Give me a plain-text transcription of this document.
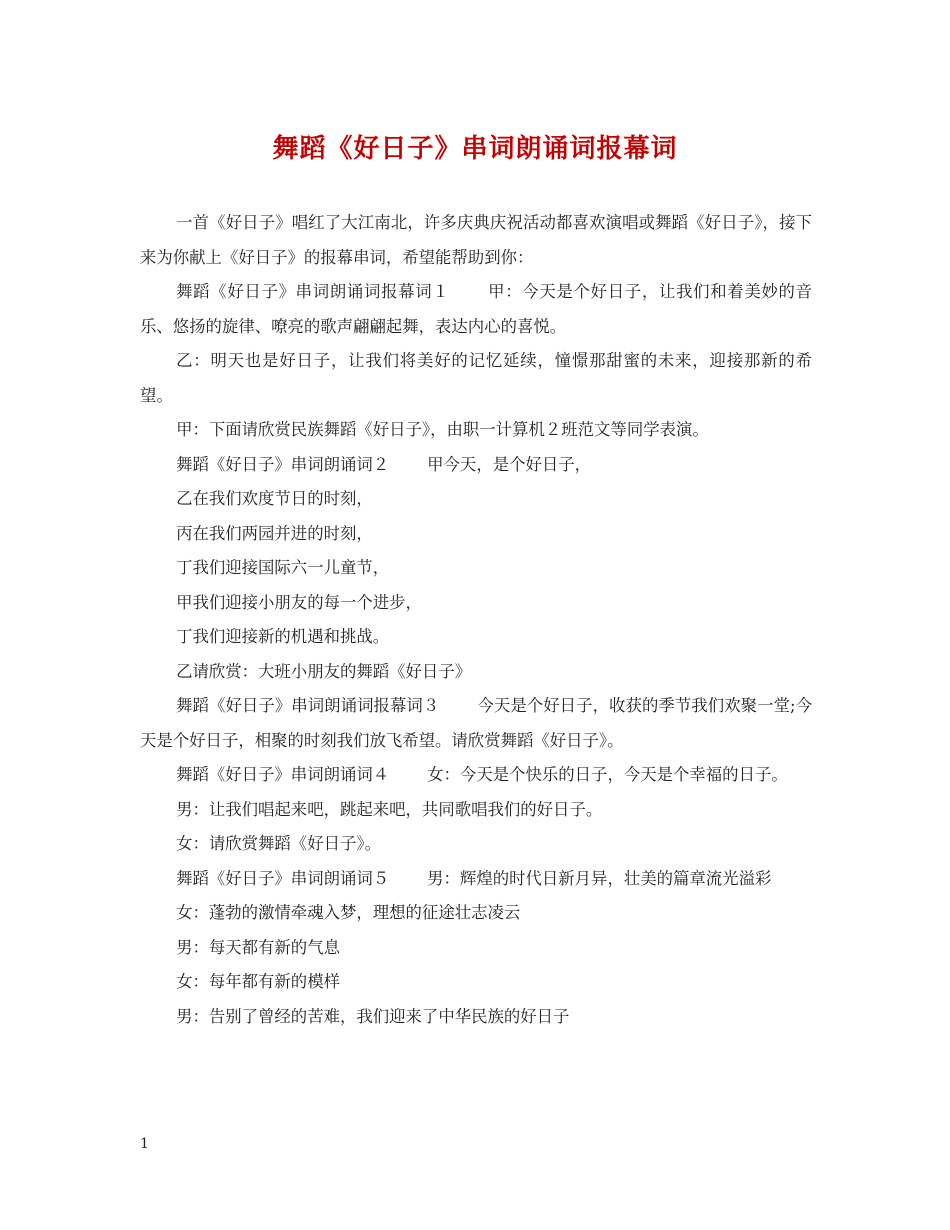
舞蹈《好日子》串词朗诵词报幕词

一首《好日子》唱红了大江南北，许多庆典庆祝活动都喜欢演唱或舞蹈《好日子》，接下来为你献上《好日子》的报幕串词，希望能帮助到你：

舞蹈《好日子》串词朗诵词报幕词１ 甲：今天是个好日子，让我们和着美妙的音乐、悠扬的旋律、嘹亮的歌声翩翩起舞，表达内心的喜悦。

乙：明天也是好日子，让我们将美好的记忆延续，憧憬那甜蜜的未来，迎接那新的希望。

甲：下面请欣赏民族舞蹈《好日子》，由职一计算机２班范文等同学表演。

舞蹈《好日子》串词朗诵词２ 甲今天，是个好日子，

乙在我们欢度节日的时刻，

丙在我们两园并进的时刻，

丁我们迎接国际六一儿童节，

甲我们迎接小朋友的每一个进步，

丁我们迎接新的机遇和挑战。

乙请欣赏：大班小朋友的舞蹈《好日子》

舞蹈《好日子》串词朗诵词报幕词３ 今天是个好日子，收获的季节我们欢聚一堂;今天是个好日子，相聚的时刻我们放飞希望。请欣赏舞蹈《好日子》。

舞蹈《好日子》串词朗诵词４ 女：今天是个快乐的日子，今天是个幸福的日子。

男：让我们唱起来吧，跳起来吧，共同歌唱我们的好日子。

女：请欣赏舞蹈《好日子》。

舞蹈《好日子》串词朗诵词５ 男：辉煌的时代日新月异，壮美的篇章流光溢彩

女：蓬勃的激情牵魂入梦，理想的征途壮志凌云

男：每天都有新的气息

女：每年都有新的模样

男：告别了曾经的苦难，我们迎来了中华民族的好日子

1
